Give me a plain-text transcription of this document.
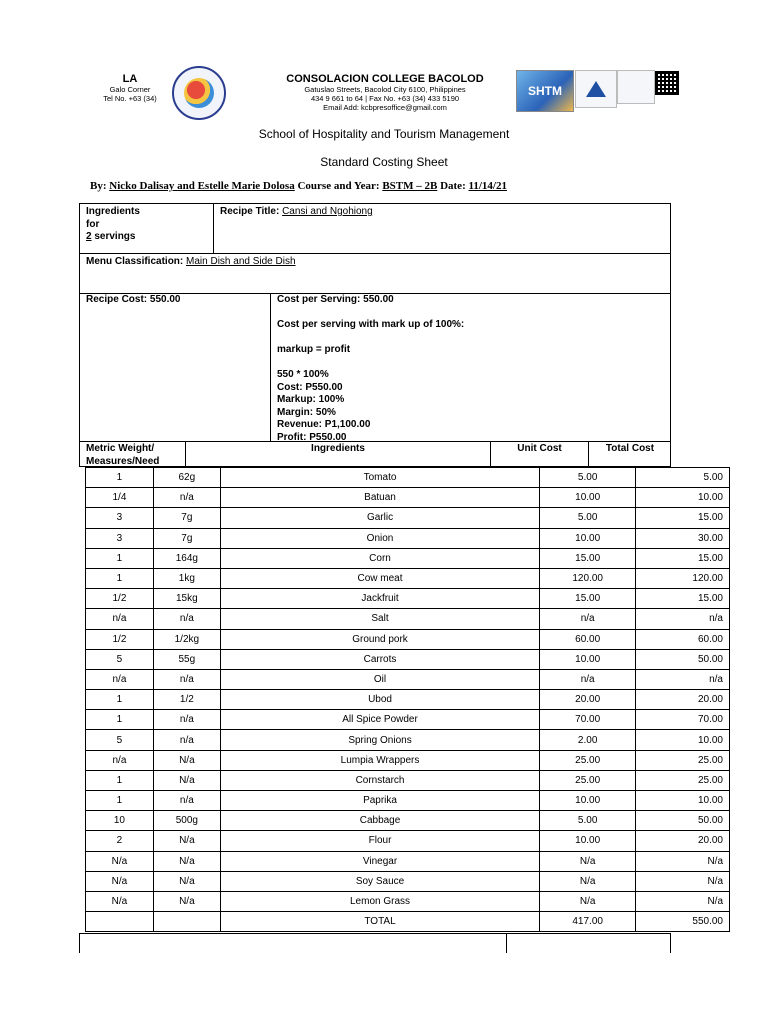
LA
Galo Corner
Tel No. +63 (34)
CONSOLACION COLLEGE BACOLOD
Gatuslao Streets, Bacolod City 6100, Philippines
434 9 661 to 64 | Fax No. +63 (34) 433 5190
Email Add: kcbpresoffice@gmail.com
SHTM
School of Hospitality and Tourism Management
Standard Costing Sheet
By: Nicko Dalisay and Estelle Marie Dolosa Course and Year: BSTM – 2B Date: 11/14/21
Ingredients
for
2 servings
Recipe Title: Cansi and Ngohiong
Menu Classification: Main Dish and Side Dish
Recipe Cost: 550.00	Cost per Serving: 550.00
Cost per serving with mark up of 100%:
markup = profit
550 * 100%
Cost: P550.00
Markup: 100%
Margin: 50%
Revenue: P1,100.00
Profit: P550.00
Metric Weight/
Measures/Need
Ingredients	Unit Cost	Total Cost
1	62g	Tomato	5.00	5.00
1/4	n/a	Batuan	10.00	10.00
3	7g	Garlic	5.00	15.00
3	7g	Onion	10.00	30.00
1	164g	Corn	15.00	15.00
1	1kg	Cow meat	120.00	120.00
1/2	15kg	Jackfruit	15.00	15.00
n/a	n/a	Salt	n/a	n/a
1/2	1/2kg	Ground pork	60.00	60.00
5	55g	Carrots	10.00	50.00
n/a	n/a	Oil	n/a	n/a
1	1/2	Ubod	20.00	20.00
1	n/a	All Spice Powder	70.00	70.00
5	n/a	Spring Onions	2.00	10.00
n/a	N/a	Lumpia Wrappers	25.00	25.00
1	N/a	Cornstarch	25.00	25.00
1	n/a	Paprika	10.00	10.00
10	500g	Cabbage	5.00	50.00
2	N/a	Flour	10.00	20.00
N/a	N/a	Vinegar	N/a	N/a
N/a	N/a	Soy Sauce	N/a	N/a
N/a	N/a	Lemon Grass	N/a	N/a
		TOTAL	417.00	550.00
